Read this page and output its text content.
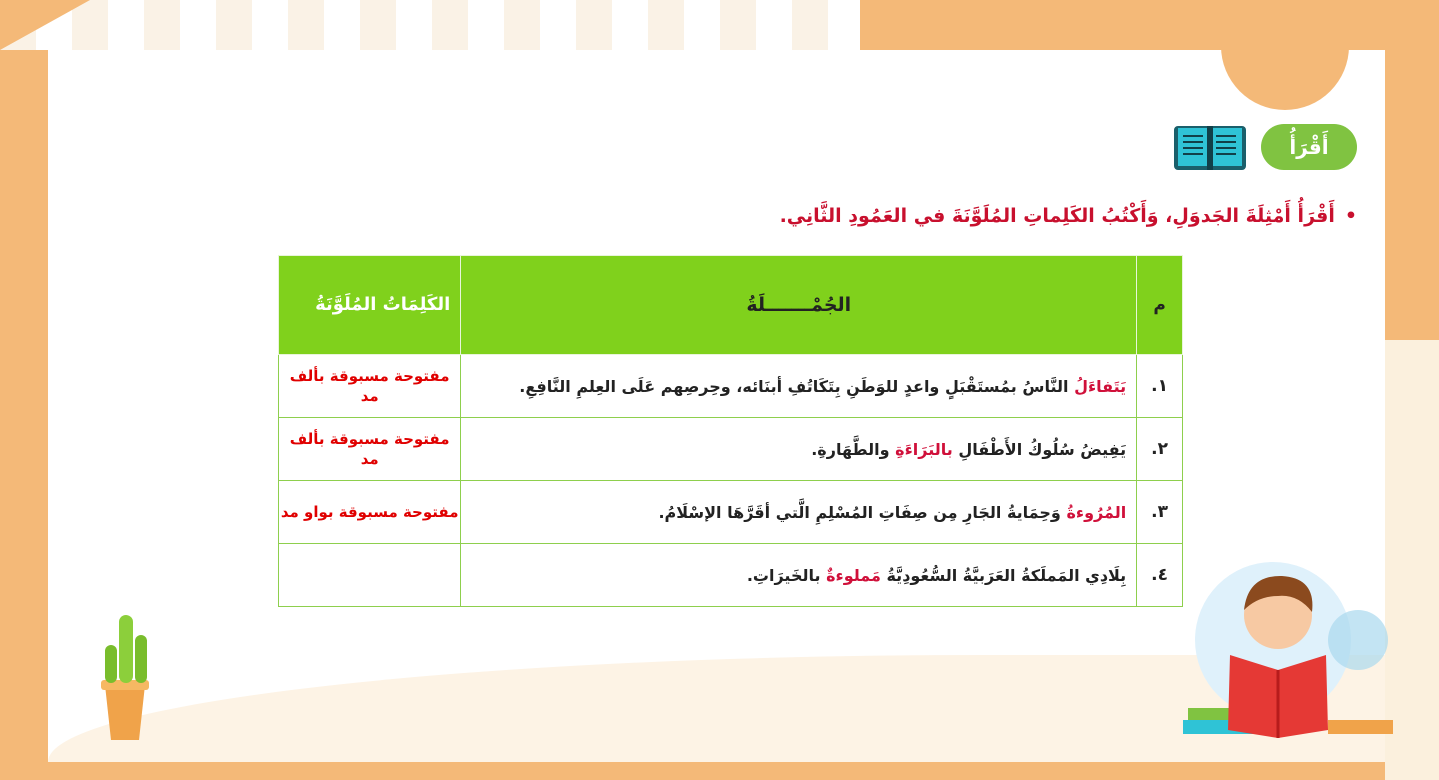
أَقْرَأُ
•أَقْرَأُ أَمْثِلَةَ الجَدوَلِ، وَأَكْتُبُ الكَلِماتِ المُلَوَّنَةَ في العَمُودِ الثَّانِي.
م	الجُمْـــــــلَةُ	الكَلِمَاتُ المُلَوَّنَةُ
١.	يَتَفاءَلُ النَّاسُ بمُستَقْبَلٍ واعدٍ للوَطَنِ بِتَكَاتُفِ أبنَائه، وحِرصِهم عَلَى العِلمِ النَّافِعِ.	مفتوحة مسبوقة بألف مد
٢.	يَفِيضُ سُلُوكُ الأَطْفَالِ بالبَرَاءَةِ والطَّهَارةِ.	مفتوحة مسبوقة بألف مد
٣.	المُرُوءةُ وَحِمَايةُ الجَارِ مِن صِفَاتِ المُسْلِمِ الَّتي أقَرَّهَا الإسْلَامُ.	مفتوحة مسبوقة بواو مد
٤.	بِلَادِي المَملَكةُ العَرَبيَّةُ السُّعُودِيَّةُ مَملوءةٌ بالخَيرَاتِ.	
